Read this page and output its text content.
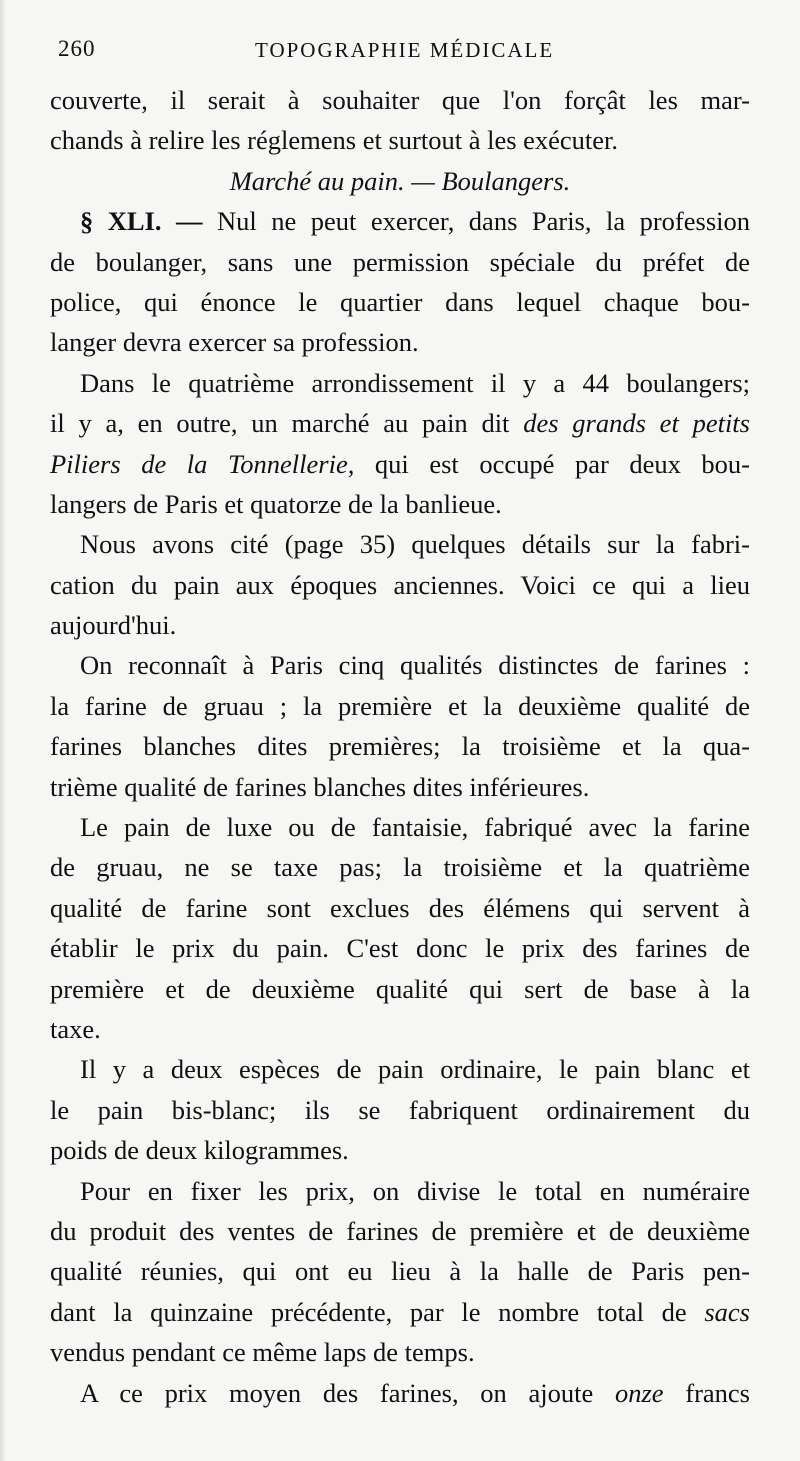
260	TOPOGRAPHIE MÉDICALE
couverte, il serait à souhaiter que l'on forçât les mar-
chands à relire les réglemens et surtout à les exécuter.
Marché au pain. — Boulangers.
§ XLI. — Nul ne peut exercer, dans Paris, la profession
de boulanger, sans une permission spéciale du préfet de
police, qui énonce le quartier dans lequel chaque bou-
langer devra exercer sa profession.
Dans le quatrième arrondissement il y a 44 boulangers;
il y a, en outre, un marché au pain dit des grands et petits
Piliers de la Tonnellerie, qui est occupé par deux bou-
langers de Paris et quatorze de la banlieue.
Nous avons cité (page 35) quelques détails sur la fabri-
cation du pain aux époques anciennes. Voici ce qui a lieu
aujourd'hui.
On reconnaît à Paris cinq qualités distinctes de farines :
la farine de gruau ; la première et la deuxième qualité de
farines blanches dites premières; la troisième et la qua-
trième qualité de farines blanches dites inférieures.
Le pain de luxe ou de fantaisie, fabriqué avec la farine
de gruau, ne se taxe pas; la troisième et la quatrième
qualité de farine sont exclues des élémens qui servent à
établir le prix du pain. C'est donc le prix des farines de
première et de deuxième qualité qui sert de base à la
taxe.
Il y a deux espèces de pain ordinaire, le pain blanc et
le pain bis-blanc; ils se fabriquent ordinairement du
poids de deux kilogrammes.
Pour en fixer les prix, on divise le total en numéraire
du produit des ventes de farines de première et de deuxième
qualité réunies, qui ont eu lieu à la halle de Paris pen-
dant la quinzaine précédente, par le nombre total de sacs
vendus pendant ce même laps de temps.
A ce prix moyen des farines, on ajoute onze francs
